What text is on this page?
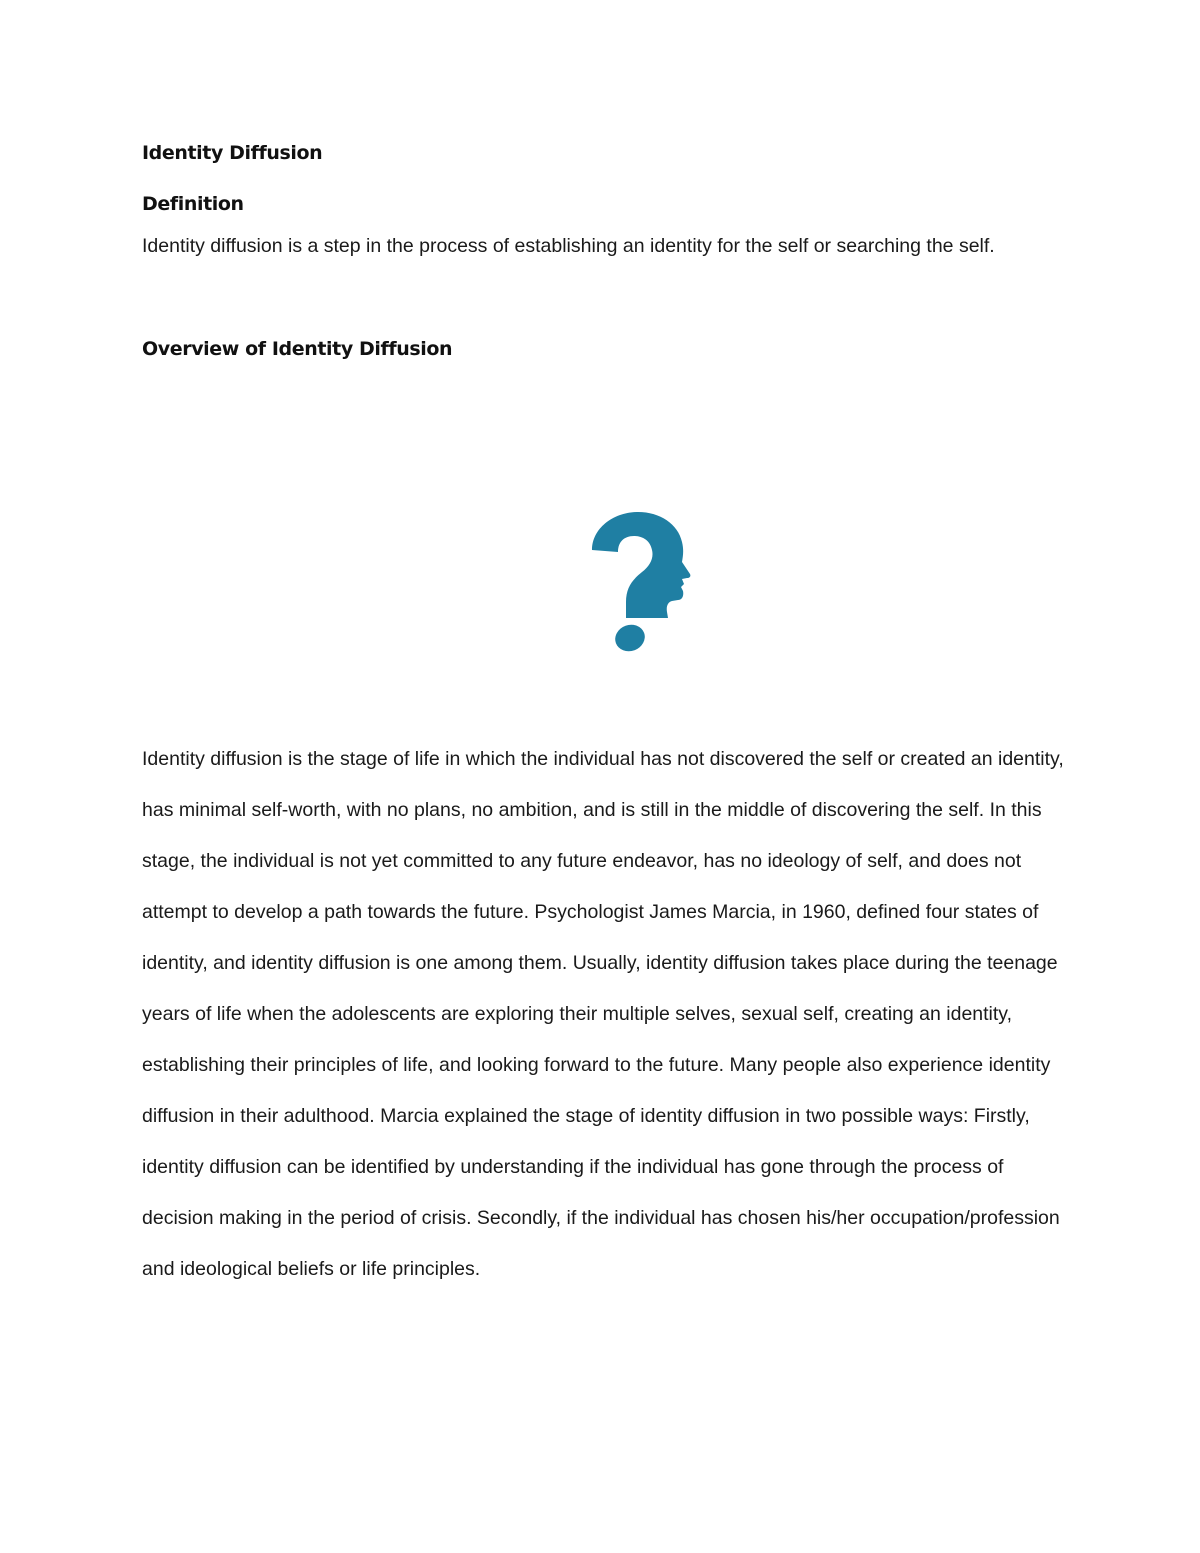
Identity Diffusion
Definition

Identity diffusion is a step in the process of establishing an identity for the self or searching the self.

Overview of Identity Diffusion

Identity diffusion is the stage of life in which the individual has not discovered the self or created an identity, has minimal self-worth, with no plans, no ambition, and is still in the middle of discovering the self. In this stage, the individual is not yet committed to any future endeavor, has no ideology of self, and does not attempt to develop a path towards the future. Psychologist James Marcia, in 1960, defined four states of identity, and identity diffusion is one among them. Usually, identity diffusion takes place during the teenage years of life when the adolescents are exploring their multiple selves, sexual self, creating an identity, establishing their principles of life, and looking forward to the future. Many people also experience identity diffusion in their adulthood. Marcia explained the stage of identity diffusion in two possible ways: Firstly, identity diffusion can be identified by understanding if the individual has gone through the process of decision making in the period of crisis. Secondly, if the individual has chosen his/her occupation/profession and ideological beliefs or life principles.
